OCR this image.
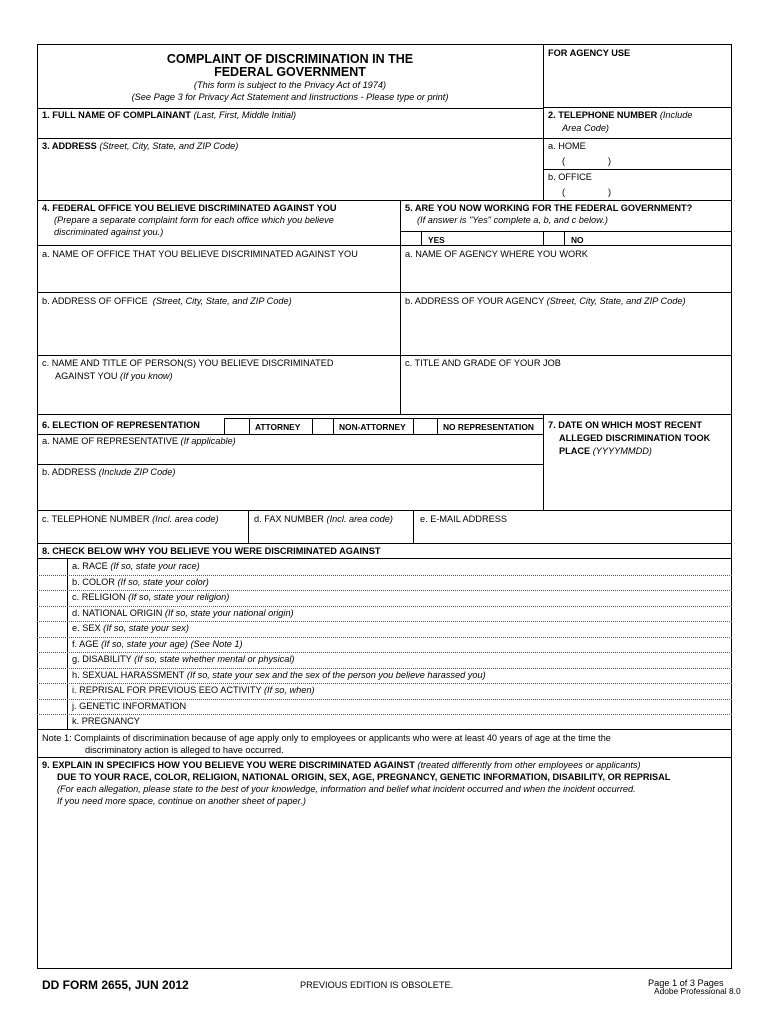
COMPLAINT OF DISCRIMINATION IN THE
FEDERAL GOVERNMENT
(This form is subject to the Privacy Act of 1974)
(See Page 3 for Privacy Act Statement and Iinstructions - Please type or print)
FOR AGENCY USE
1. FULL NAME OF COMPLAINANT (Last, First, Middle Initial)	2. TELEPHONE NUMBER (Include
Area Code)
3. ADDRESS (Street, City, State, and ZIP Code)	a. HOME
(	)
b. OFFICE
(	)
4. FEDERAL OFFICE YOU BELIEVE DISCRIMINATED AGAINST YOU
(Prepare a separate complaint form for each office which you believe
discriminated against you.)
5. ARE YOU NOW WORKING FOR THE FEDERAL GOVERNMENT?
(If answer is "Yes" complete a, b, and c below.)
YES	NO
a. NAME OF OFFICE THAT YOU BELIEVE DISCRIMINATED AGAINST YOU	a. NAME OF AGENCY WHERE YOU WORK
b. ADDRESS OF OFFICE (Street, City, State, and ZIP Code)	b. ADDRESS OF YOUR AGENCY (Street, City, State, and ZIP Code)
c. NAME AND TITLE OF PERSON(S) YOU BELIEVE DISCRIMINATED
AGAINST YOU (If you know)
c. TITLE AND GRADE OF YOUR JOB
6. ELECTION OF REPRESENTATION	ATTORNEY	NON-ATTORNEY	NO REPRESENTATION 7. DATE ON WHICH MOST RECENT
ALLEGED DISCRIMINATION TOOK
PLACE (YYYYMMDD)
a. NAME OF REPRESENTATIVE (If applicable)
b. ADDRESS (Include ZIP Code)
c. TELEPHONE NUMBER (Incl. area code)	d. FAX NUMBER (Incl. area code)	e. E-MAIL ADDRESS
8. CHECK BELOW WHY YOU BELIEVE YOU WERE DISCRIMINATED AGAINST
a. RACE (If so, state your race)
b. COLOR (If so, state your color)
c. RELIGION (If so, state your religion)
d. NATIONAL ORIGIN (If so, state your national origin)
e. SEX (If so, state your sex)
f. AGE (If so, state your age) (See Note 1)
g. DISABILITY (If so, state whether mental or physical)
h. SEXUAL HARASSMENT (If so, state your sex and the sex of the person you believe harassed you)
i. REPRISAL FOR PREVIOUS EEO ACTIVITY (If so, when)
j. GENETIC INFORMATION
k. PREGNANCY
Note 1: Complaints of discrimination because of age apply only to employees or applicants who were at least 40 years of age at the time the
discriminatory action is alleged to have occurred.
9. EXPLAIN IN SPECIFICS HOW YOU BELIEVE YOU WERE DISCRIMINATED AGAINST (treated differently from other employees or applicants)
DUE TO YOUR RACE, COLOR, RELIGION, NATIONAL ORIGIN, SEX, AGE, PREGNANCY, GENETIC INFORMATION, DISABILITY, OR REPRISAL
(For each allegation, please state to the best of your knowledge, information and belief what incident occurred and when the incident occurred.
If you need more space, continue on another sheet of paper.)
DD FORM 2655, JUN 2012	PREVIOUS EDITION IS OBSOLETE.	Page 1 of 3 Pages
Adobe Professional 8.0
